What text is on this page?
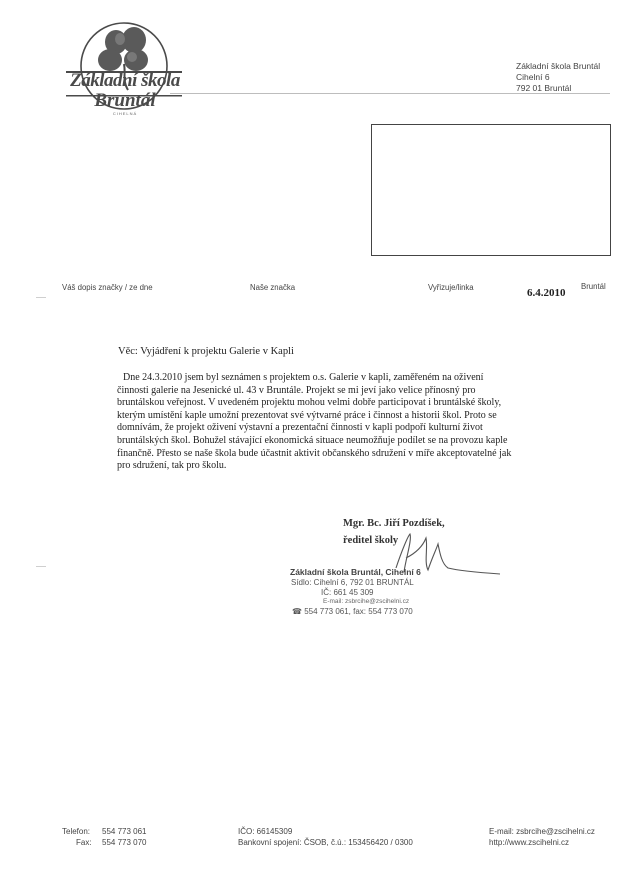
Základní škola
Bruntál
CIHELNÁ
Základní škola Bruntál
Cihelní 6
792 01 Bruntál
Váš dopis značky / ze dne	Naše značka	Vyřizuje/linka	Bruntál
6.4.2010
Věc: Vyjádření k projektu Galerie v Kapli

Dne 24.3.2010 jsem byl seznámen s projektem o.s. Galerie v kapli, zaměřeném na oživení

činnosti galerie na Jesenické ul. 43 v Bruntále. Projekt se mi jeví jako velice přínosný pro

bruntálskou veřejnost. V uvedeném projektu mohou velmi dobře participovat i bruntálské školy,

kterým umístění kaple umožní prezentovat své výtvarné práce i činnost a historii škol. Proto se

domnívám, že projekt oživení výstavní a prezentační činnosti v kapli podpoří kulturní život

bruntálských škol. Bohužel stávající ekonomická situace neumožňuje podílet se na provozu kaple

finančně. Přesto se naše škola bude účastnit aktivit občanského sdružení v míře akceptovatelné jak

pro sdružení, tak pro školu.

Mgr. Bc. Jiří Pozdíšek,
ředitel školy
Základní škola Bruntál, Cihelní 6
Sídlo: Cihelní 6, 792 01 BRUNTÁL
IČ: 661 45 309
E-mail: zsbrcihe@zscihelni.cz
☎ 554 773 061, fax: 554 773 070
Telefon: 554 773 061
Fax: 554 773 070
IČO: 66145309
Bankovní spojení: ČSOB, č.ú.: 153456420 / 0300
E-mail: zsbrcihe@zscihelni.cz
http://www.zscihelni.cz
